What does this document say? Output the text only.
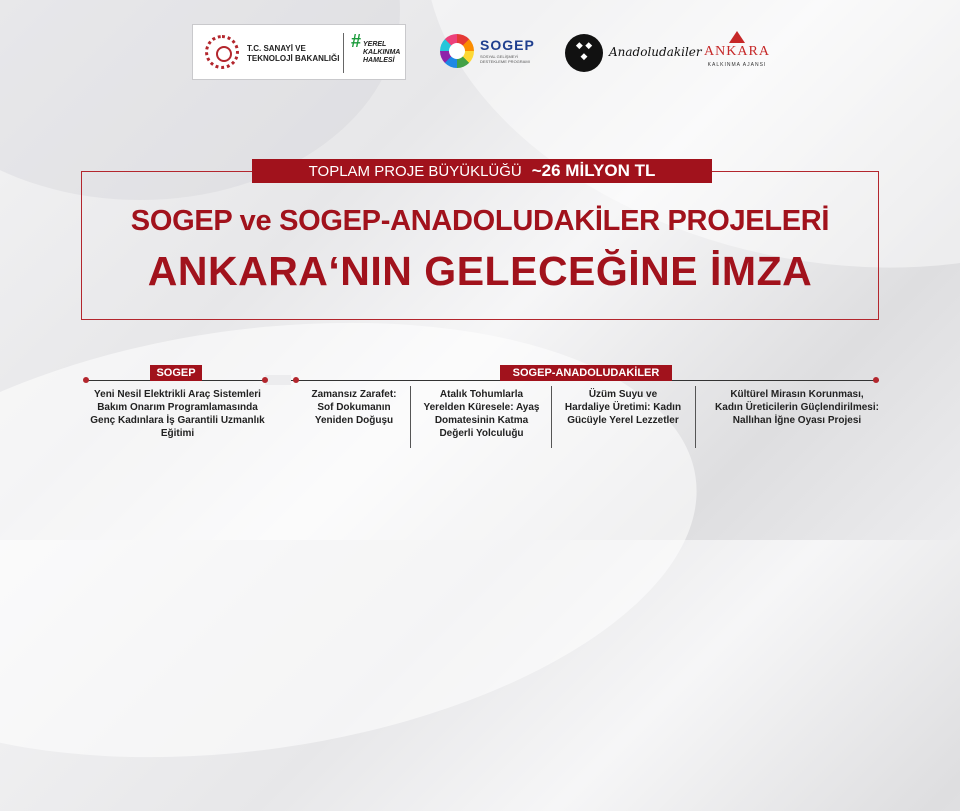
T.C. SANAYİ VE
TEKNOLOJİ BAKANLIĞI
# YEREL
KALKINMA
HAMLESİ
SOGEP
SOSYAL GELİŞMEYİ
DESTEKLEME PROGRAMI
◆ ◆ ◆
Anadoludakiler ANKARA
KALKINMA AJANSI
TOPLAM PROJE BÜYÜKLÜĞÜ ~26 MİLYON TL
SOGEP ve SOGEP-ANADOLUDAKİLER PROJELERİ
ANKARA‘NIN GELECEĞİNE İMZA
SOGEP	SOGEP-ANADOLUDAKİLER
Yeni Nesil Elektrikli Araç Sistemleri
Bakım Onarım Programlamasında
Genç Kadınlara İş Garantili Uzmanlık
Eğitimi
Zamansız Zarafet:
Sof Dokumanın
Yeniden Doğuşu
Atalık Tohumlarla
Yerelden Küresele: Ayaş
Domatesinin Katma
Değerli Yolculuğu
Üzüm Suyu ve
Hardaliye Üretimi: Kadın
Gücüyle Yerel Lezzetler
Kültürel Mirasın Korunması,
Kadın Üreticilerin Güçlendirilmesi:
Nallıhan İğne Oyası Projesi
